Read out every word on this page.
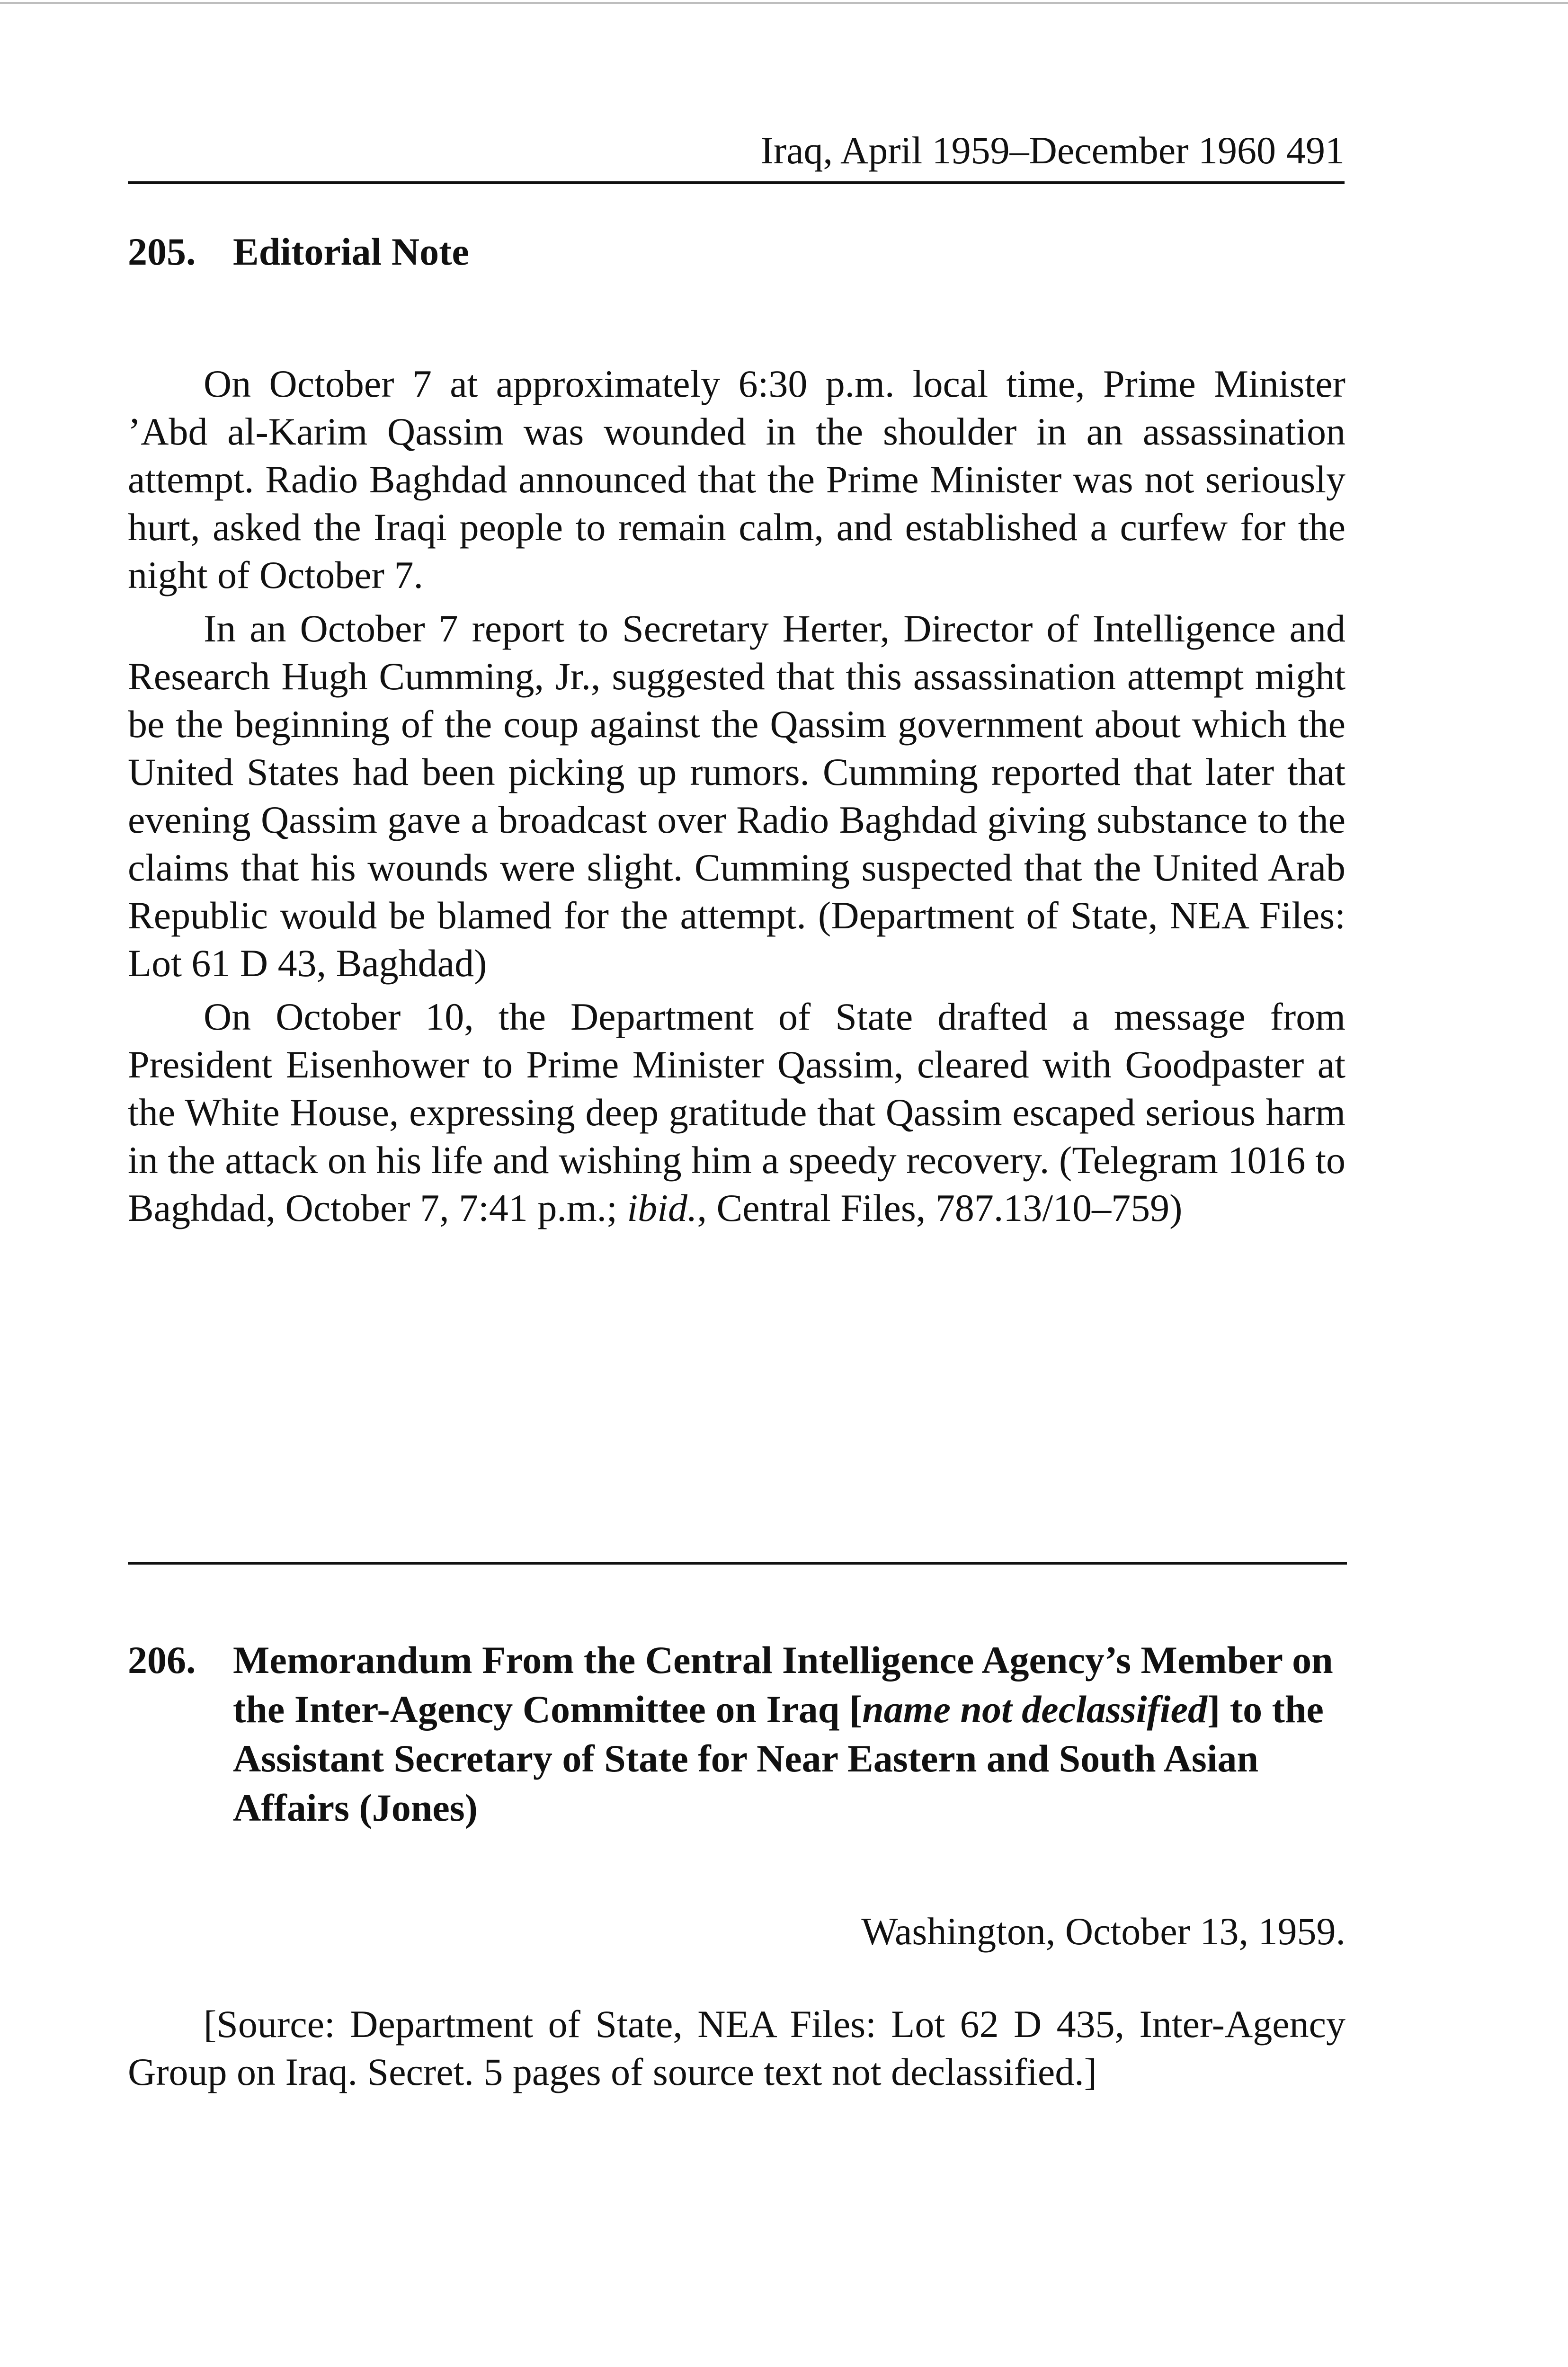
Iraq, April 1959–December 1960 491
205. Editorial Note

On October 7 at approximately 6:30 p.m. local time, Prime Minister ’Abd al-Karim Qassim was wounded in the shoulder in an assassination attempt. Radio Baghdad announced that the Prime Minister was not seriously hurt, asked the Iraqi people to remain calm, and established a curfew for the night of October 7.

In an October 7 report to Secretary Herter, Director of Intelligence and Research Hugh Cumming, Jr., suggested that this assassination attempt might be the beginning of the coup against the Qassim government about which the United States had been picking up rumors. Cumming reported that later that evening Qassim gave a broadcast over Radio Baghdad giving substance to the claims that his wounds were slight. Cumming suspected that the United Arab Republic would be blamed for the attempt. (Department of State, NEA Files: Lot 61 D 43, Baghdad)

On October 10, the Department of State drafted a message from President Eisenhower to Prime Minister Qassim, cleared with Goodpaster at the White House, expressing deep gratitude that Qassim escaped serious harm in the attack on his life and wishing him a speedy recovery. (Telegram 1016 to Baghdad, October 7, 7:41 p.m.; ibid., Central Files, 787.13/10–759)

206. Memorandum From the Central Intelligence Agency’s Member on the Inter-Agency Committee on Iraq [name not declassified] to the Assistant Secretary of State for Near Eastern and South Asian Affairs (Jones)
Washington, October 13, 1959.

[Source: Department of State, NEA Files: Lot 62 D 435, Inter-Agency Group on Iraq. Secret. 5 pages of source text not declassified.]
